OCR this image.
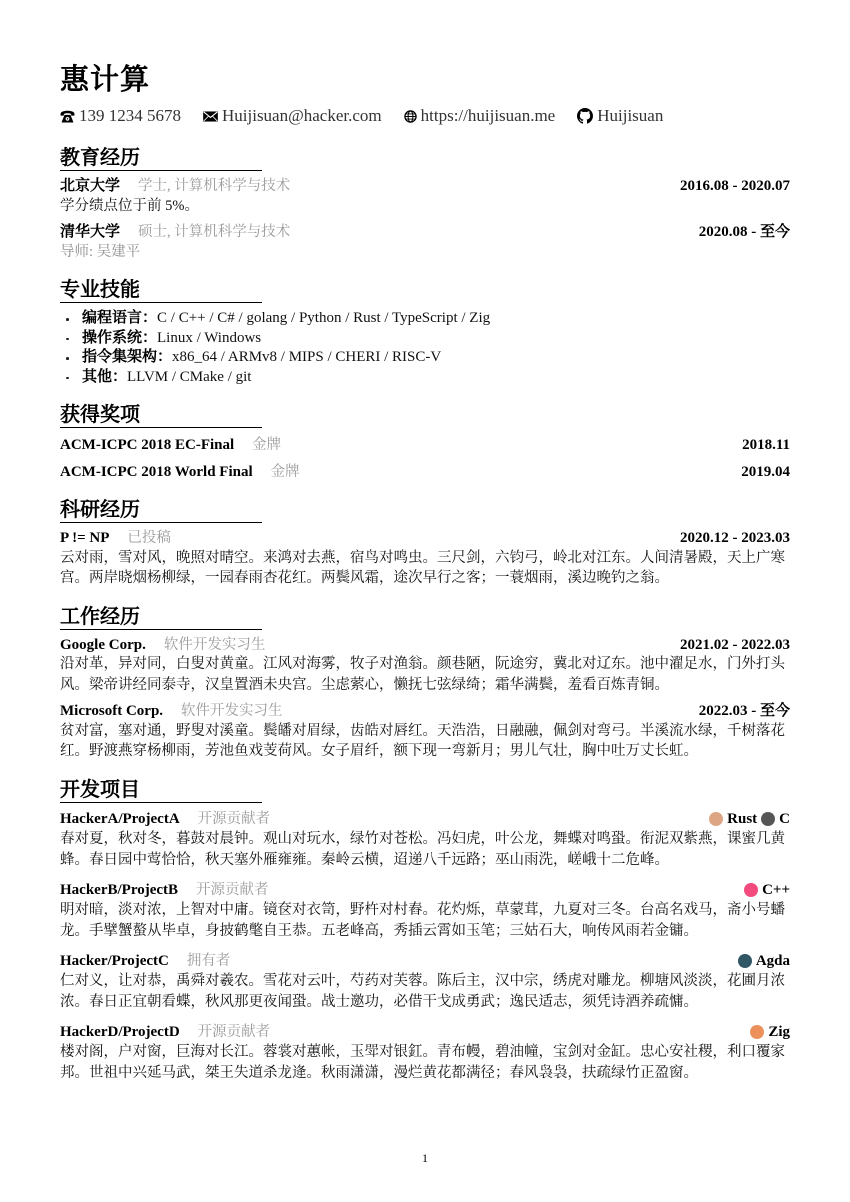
惠计算
139 1234 5678 Huijisuan@hacker.com https://huijisuan.me Huijisuan
教育经历
北京大学 学士, 计算机科学与技术	2016.08 - 2020.07
学分绩点位于前 5%。
清华大学 硕士, 计算机科学与技术	2020.08 - 至今
导师: 吴建平
专业技能
编程语言： C / C++ / C# / golang / Python / Rust / TypeScript / Zig
操作系统： Linux / Windows
指令集架构： x86_64 / ARMv8 / MIPS / CHERI / RISC-V
其他： LLVM / CMake / git
获得奖项
ACM-ICPC 2018 EC-Final 金牌	2018.11
ACM-ICPC 2018 World Final 金牌	2019.04
科研经历
P != NP 已投稿	2020.12 - 2023.03
云对雨，雪对风，晚照对晴空。来鸿对去燕，宿鸟对鸣虫。三尺剑，六钧弓，岭北对江东。人间清暑殿，天上广寒宫。两岸晓烟杨柳绿，一园春雨杏花红。两鬓风霜，途次早行之客；一蓑烟雨，溪边晚钓之翁。
工作经历
Google Corp. 软件开发实习生	2021.02 - 2022.03
沿对革，异对同，白叟对黄童。江风对海雾，牧子对渔翁。颜巷陋，阮途穷，冀北对辽东。池中濯足水，门外打头风。梁帝讲经同泰寺，汉皇置酒未央宫。尘虑萦心，懒抚七弦绿绮；霜华满鬓，羞看百炼青铜。
Microsoft Corp. 软件开发实习生	2022.03 - 至今
贫对富，塞对通，野叟对溪童。鬓皤对眉绿，齿皓对唇红。天浩浩，日融融，佩剑对弯弓。半溪流水绿，千树落花红。野渡燕穿杨柳雨，芳池鱼戏芰荷风。女子眉纤，额下现一弯新月；男儿气壮，胸中吐万丈长虹。
开发项目
HackerA/ProjectA 开源贡献者	Rust C
春对夏，秋对冬，暮鼓对晨钟。观山对玩水，绿竹对苍松。冯妇虎，叶公龙，舞蝶对鸣蛩。衔泥双紫燕，课蜜几黄蜂。春日园中莺恰恰，秋天塞外雁雍雍。秦岭云横，迢递八千远路；巫山雨洗，嵯峨十二危峰。
HackerB/ProjectB 开源贡献者	C++
明对暗，淡对浓，上智对中庸。镜奁对衣笥，野杵对村舂。花灼烁，草蒙茸，九夏对三冬。台高名戏马，斋小号蟠龙。手擘蟹螯从毕卓，身披鹤氅自王恭。五老峰高，秀插云霄如玉笔；三姑石大，响传风雨若金镛。
Hacker/ProjectC 拥有者	Agda
仁对义，让对恭，禹舜对羲农。雪花对云叶，芍药对芙蓉。陈后主，汉中宗，绣虎对雕龙。柳塘风淡淡，花圃月浓浓。春日正宜朝看蝶，秋风那更夜闻蛩。战士邀功，必借干戈成勇武；逸民适志，须凭诗酒养疏慵。
HackerD/ProjectD 开源贡献者	Zig
楼对阁，户对窗，巨海对长江。蓉裳对蕙帐，玉斝对银釭。青布幔，碧油幢，宝剑对金缸。忠心安社稷，利口覆家邦。世祖中兴延马武，桀王失道杀龙逄。秋雨潇潇，漫烂黄花都满径；春风袅袅，扶疏绿竹正盈窗。
1
